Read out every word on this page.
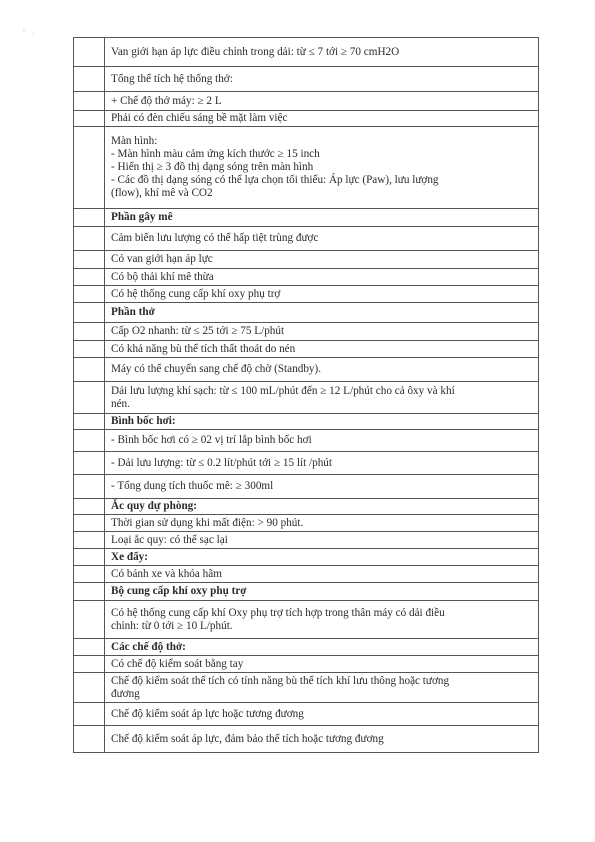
	Van giới hạn áp lực điều chỉnh trong dải: từ ≤ 7 tới ≥ 70 cmH2O

	Tổng thể tích hệ thống thở:

	+ Chế độ thở máy: ≥ 2 L

	Phải có đèn chiếu sáng bề mặt làm việc

	Màn hình:
- Màn hình màu cảm ứng kích thước ≥ 15 inch
- Hiển thị ≥ 3 đồ thị dạng sóng trên màn hình
- Các đồ thị dạng sóng có thể lựa chọn tối thiểu: Áp lực (Paw), lưu lượng
(flow), khí mê và CO2

	Phần gây mê

	Cảm biến lưu lượng có thể hấp tiệt trùng được

	Có van giới hạn áp lực

	Có bộ thải khí mê thừa

	Có hệ thống cung cấp khí oxy phụ trợ

	Phần thở

	Cấp O2 nhanh: từ ≤ 25 tới ≥ 75 L/phút

	Có khả năng bù thể tích thất thoát do nén

	Máy có thể chuyển sang chế độ chờ (Standby).

	Dải lưu lượng khí sạch: từ ≤ 100 mL/phút đến ≥ 12 L/phút cho cả ôxy và khí
nén.

	Bình bốc hơi:

	- Bình bốc hơi có ≥ 02 vị trí lắp bình bốc hơi

	- Dải lưu lượng: từ ≤ 0.2 lít/phút tới ≥ 15 lít /phút

	- Tổng dung tích thuốc mê: ≥ 300ml

	Ắc quy dự phòng:

	Thời gian sử dụng khi mất điện: > 90 phút.

	Loại ắc quy: có thể sạc lại

	Xe đẩy:

	Có bánh xe và khóa hãm

	Bộ cung cấp khí oxy phụ trợ

	Có hệ thống cung cấp khí Oxy phụ trợ tích hợp trong thân máy có dải điều
chỉnh: từ 0 tới ≥ 10 L/phút.

	Các chế độ thở:

	Có chế độ kiểm soát bằng tay

	Chế độ kiểm soát thể tích có tính năng bù thể tích khí lưu thông hoặc tương
đương

	Chế độ kiểm soát áp lực hoặc tương đương

	Chế độ kiểm soát áp lực, đảm bảo thể tích hoặc tương đương
